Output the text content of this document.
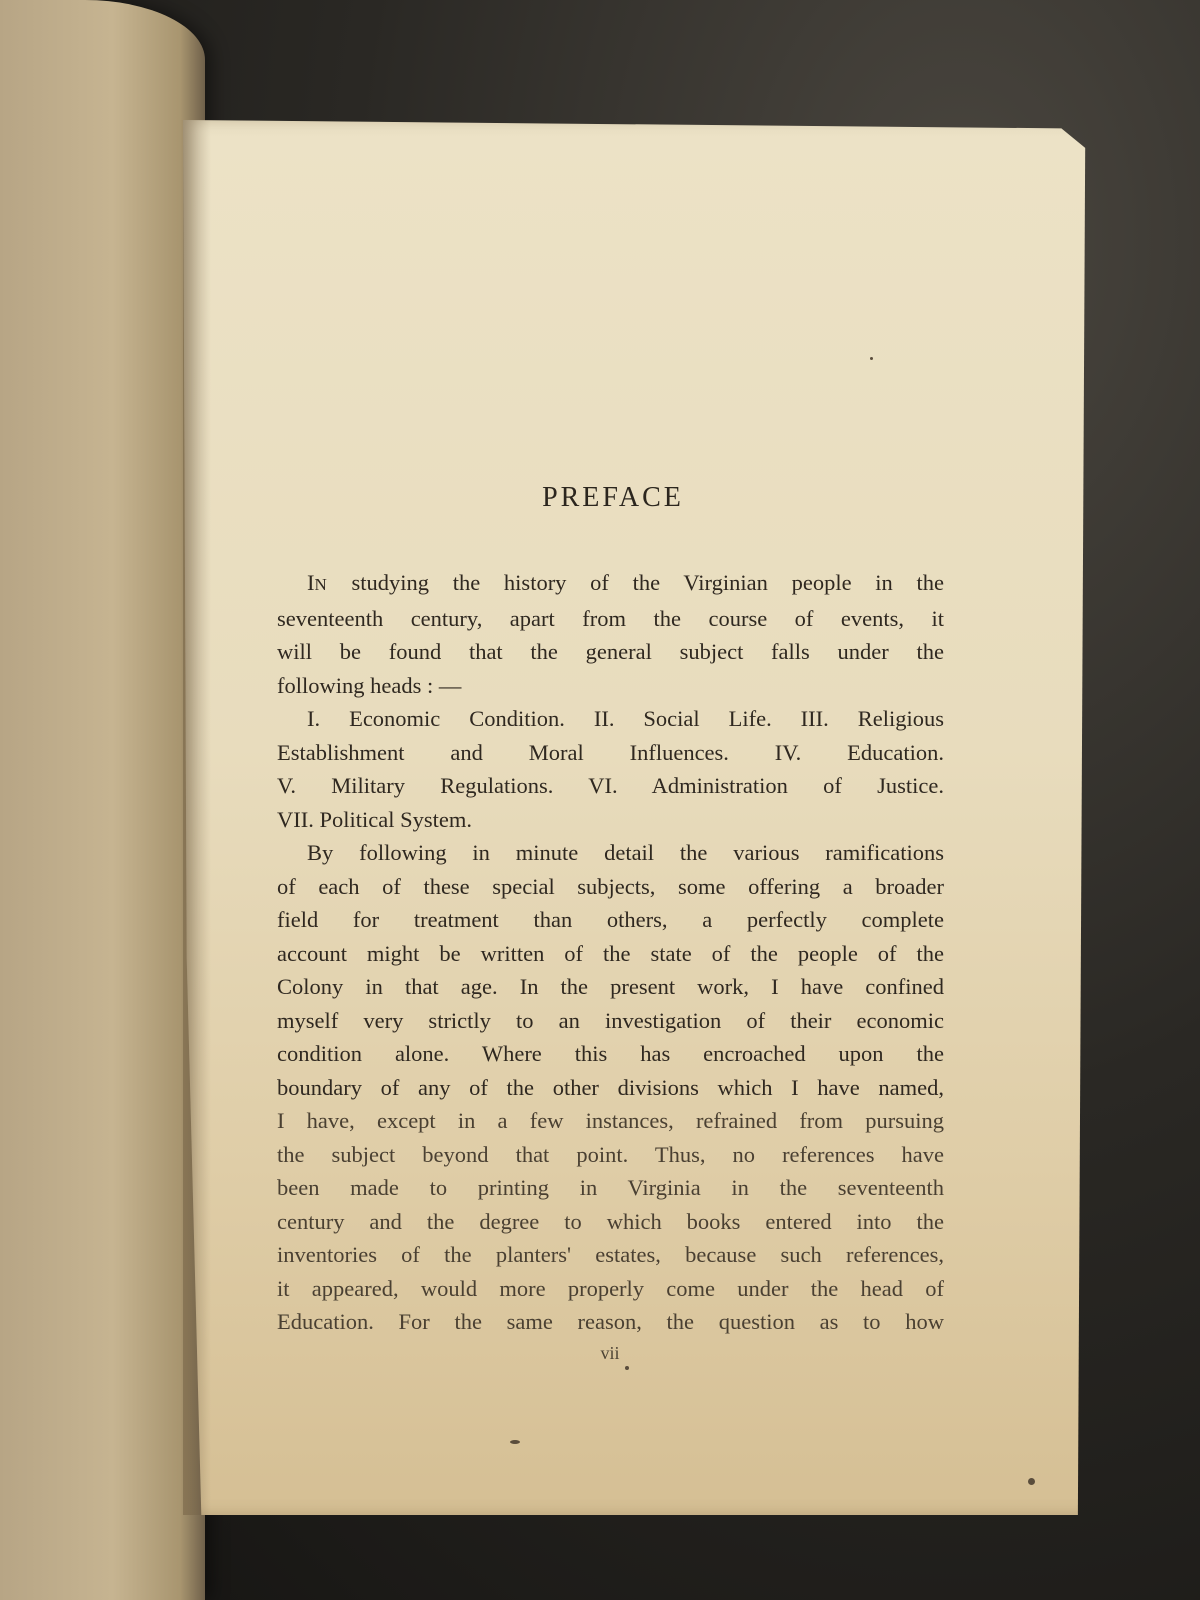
PREFACE
IN studying the history of the Virginian people in the
seventeenth century, apart from the course of events, it
will be found that the general subject falls under the
following heads : —
I. Economic Condition. II. Social Life. III. Religious
Establishment and Moral Influences. IV. Education.
V. Military Regulations. VI. Administration of Justice.
VII. Political System.
By following in minute detail the various ramifications
of each of these special subjects, some offering a broader
field for treatment than others, a perfectly complete
account might be written of the state of the people of the
Colony in that age. In the present work, I have confined
myself very strictly to an investigation of their economic
condition alone. Where this has encroached upon the
boundary of any of the other divisions which I have named,
I have, except in a few instances, refrained from pursuing
the subject beyond that point. Thus, no references have
been made to printing in Virginia in the seventeenth
century and the degree to which books entered into the
inventories of the planters' estates, because such references,
it appeared, would more properly come under the head of
Education. For the same reason, the question as to how
vii
